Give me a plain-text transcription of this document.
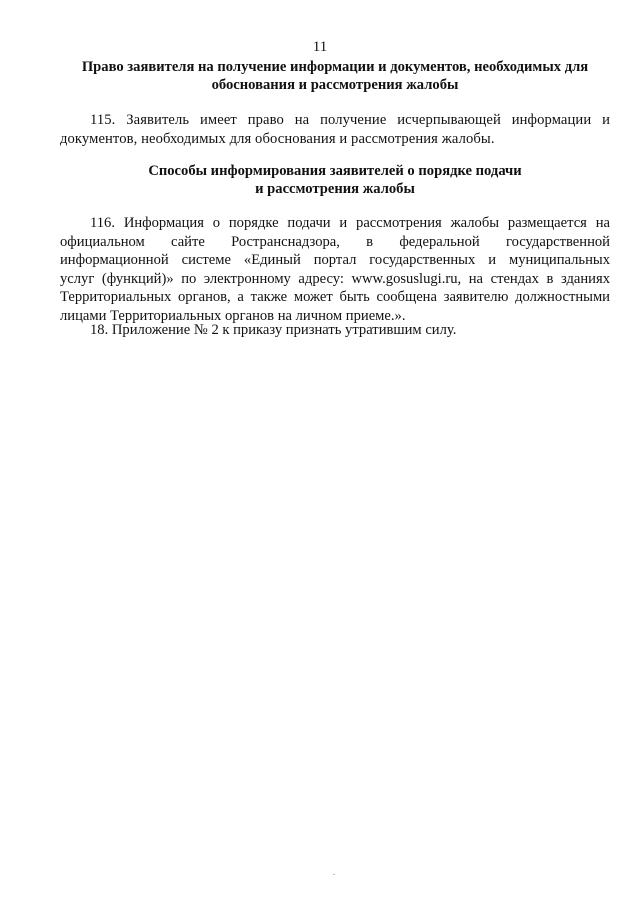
11
Право заявителя на получение информации и документов, необходимых для
обоснования и рассмотрения жалобы
115. Заявитель имеет право на получение исчерпывающей информации и
документов, необходимых для обоснования и рассмотрения жалобы.
Способы информирования заявителей о порядке подачи
и рассмотрения жалобы
116. Информация о порядке подачи и рассмотрения жалобы размещается на
официальном сайте Ространснадзора, в федеральной государственной
информационной системе «Единый портал государственных и муниципальных
услуг (функций)» по электронному адресу: www.gosuslugi.ru, на стендах в зданиях
Территориальных органов, а также может быть сообщена заявителю должностными
лицами Территориальных органов на личном приеме.».
18. Приложение № 2 к приказу признать утратившим силу.
